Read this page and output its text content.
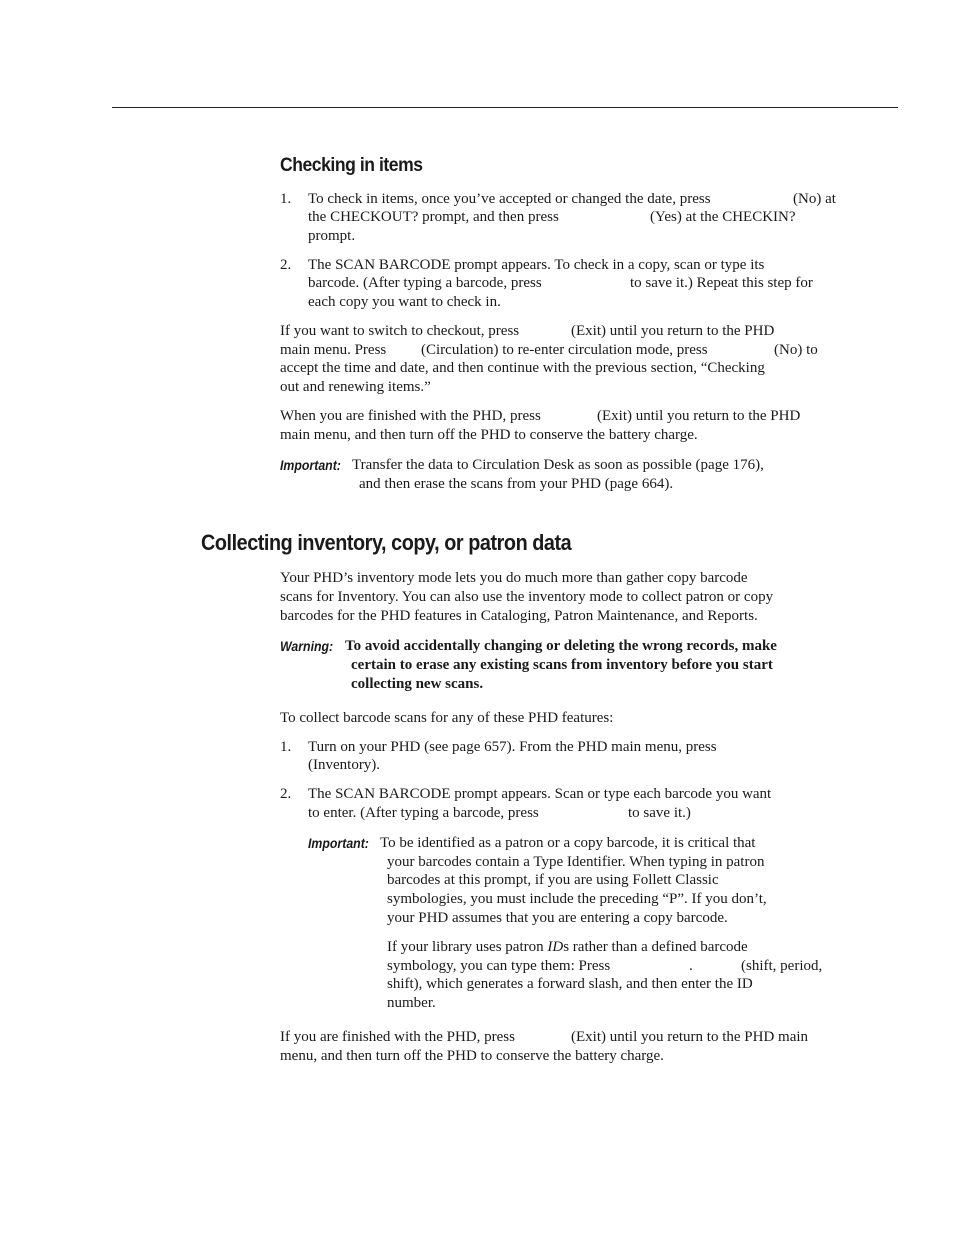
Checking in items
1. To check in items, once you’ve accepted or changed the date, press	(No) at
the CHECKOUT? prompt, and then press	(Yes) at the CHECKIN?
prompt.
2. The SCAN BARCODE prompt appears. To check in a copy, scan or type its
barcode. (After typing a barcode, press	to save it.) Repeat this step for
each copy you want to check in.
If you want to switch to checkout, press	(Exit) until you return to the PHD
main menu. Press (Circulation) to re-enter circulation mode, press	(No) to
accept the time and date, and then continue with the previous section, “Checking
out and renewing items.”
When you are finished with the PHD, press	(Exit) until you return to the PHD
main menu, and then turn off the PHD to conserve the battery charge.
Important: Transfer the data to Circulation Desk as soon as possible (page 176),
and then erase the scans from your PHD (page 664).
Collecting inventory, copy, or patron data
Your PHD’s inventory mode lets you do much more than gather copy barcode
scans for Inventory. You can also use the inventory mode to collect patron or copy
barcodes for the PHD features in Cataloging, Patron Maintenance, and Reports.
Warning: To avoid accidentally changing or deleting the wrong records, make
certain to erase any existing scans from inventory before you start
collecting new scans.
To collect barcode scans for any of these PHD features:
1. Turn on your PHD (see page 657). From the PHD main menu, press
(Inventory).
2. The SCAN BARCODE prompt appears. Scan or type each barcode you want
to enter. (After typing a barcode, press	to save it.)
Important: To be identified as a patron or a copy barcode, it is critical that
your barcodes contain a Type Identifier. When typing in patron
barcodes at this prompt, if you are using Follett Classic
symbologies, you must include the preceding “P”. If you don’t,
your PHD assumes that you are entering a copy barcode.
If your library uses patron IDs rather than a defined barcode
symbology, you can type them: Press	.	(shift, period,
shift), which generates a forward slash, and then enter the ID
number.
If you are finished with the PHD, press	(Exit) until you return to the PHD main
menu, and then turn off the PHD to conserve the battery charge.
